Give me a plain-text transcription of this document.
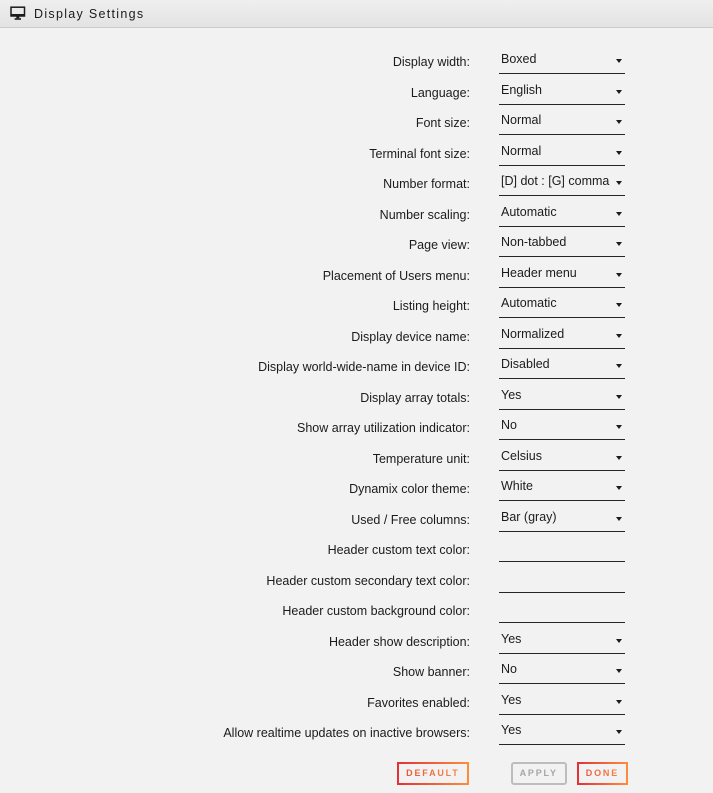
Display Settings
Display width: Boxed
Language: English
Font size: Normal
Terminal font size: Normal
Number format: [D] dot : [G] comma
Number scaling: Automatic
Page view: Non-tabbed
Placement of Users menu: Header menu
Listing height: Automatic
Display device name: Normalized
Display world-wide-name in device ID: Disabled
Display array totals: Yes
Show array utilization indicator: No
Temperature unit: Celsius
Dynamix color theme: White
Used / Free columns: Bar (gray)
Header custom text color:
Header custom secondary text color:
Header custom background color:
Header show description: Yes
Show banner: No
Favorites enabled: Yes
Allow realtime updates on inactive browsers: Yes
DEFAULT	APPLY	DONE
